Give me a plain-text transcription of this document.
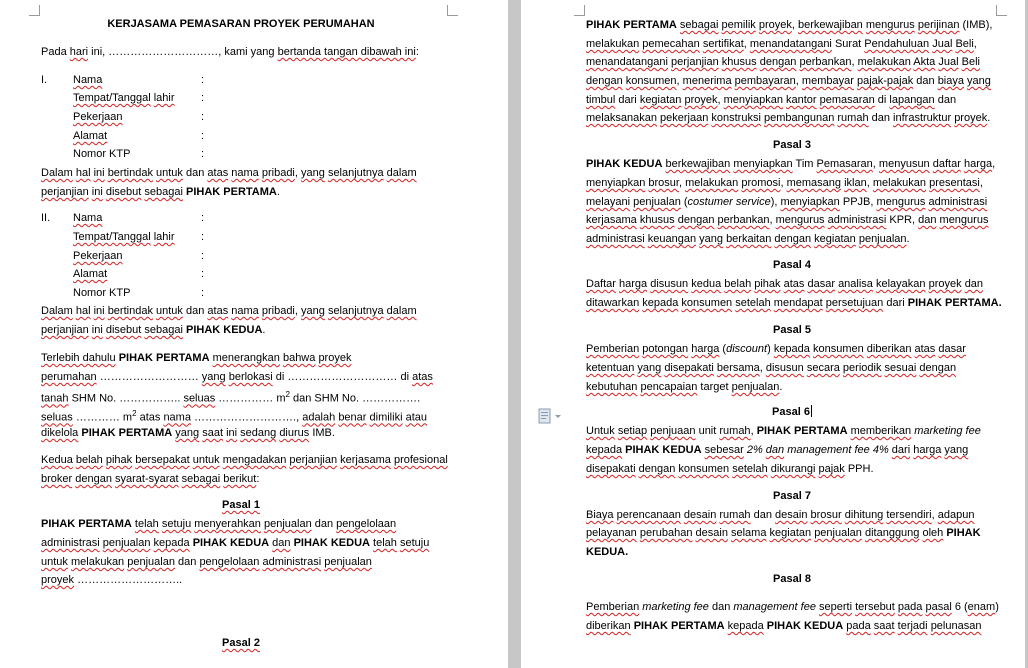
KERJASAMA PEMASARAN PROYEK PERUMAHAN
Pada hari ini, …………………………, kami yang bertanda tangan dibawah ini:
I. Nama
Tempat/Tanggal lahir
Pekerjaan
Alamat
Nomor KTP
:
:
:
:
:
Dalam hal ini bertindak untuk dan atas nama pribadi, yang selanjutnya dalam
perjanjian ini disebut sebagai PIHAK PERTAMA.
II. Nama
Tempat/Tanggal lahir
Pekerjaan
Alamat
Nomor KTP
:
:
:
:
:
Dalam hal ini bertindak untuk dan atas nama pribadi, yang selanjutnya dalam
perjanjian ini disebut sebagai PIHAK KEDUA.
Terlebih dahulu PIHAK PERTAMA menerangkan bahwa proyek
perumahan ……………………… yang berlokasi di ………………………… di atas
tanah SHM No. …………….. seluas …………… $m^2$ dan SHM No. …………….
seluas ………… $m^2$ atas nama ………………………., adalah benar dimiliki atau
dikelola PIHAK PERTAMA yang saat ini sedang diurus IMB.
Kedua belah pihak bersepakat untuk mengadakan perjanjian kerjasama profesional
broker dengan syarat-syarat sebagai berikut:
Pasal 1
PIHAK PERTAMA telah setuju menyerahkan penjualan dan pengelolaan
administrasi penjualan kepada PIHAK KEDUA dan PIHAK KEDUA telah setuju
untuk melakukan penjualan dan pengelolaan administrasi penjualan
proyek ………………………..
Pasal 2
PIHAK PERTAMA sebagai pemilik proyek, berkewajiban mengurus perijinan (IMB),
melakukan pemecahan sertifikat, menandatangani Surat Pendahuluan Jual Beli,
menandatangani perjanjian khusus dengan perbankan, melakukan Akta Jual Beli
dengan konsumen, menerima pembayaran, membayar pajak-pajak dan biaya yang
timbul dari kegiatan proyek, menyiapkan kantor pemasaran di lapangan dan
melaksanakan pekerjaan konstruksi pembangunan rumah dan infrastruktur proyek.
Pasal 3
PIHAK KEDUA berkewajiban menyiapkan Tim Pemasaran, menyusun daftar harga,
menyiapkan brosur, melakukan promosi, memasang iklan, melakukan presentasi,
melayani penjualan (costumer service), menyiapkan PPJB, mengurus administrasi
kerjasama khusus dengan perbankan, mengurus administrasi KPR, dan mengurus
administrasi keuangan yang berkaitan dengan kegiatan penjualan.
Pasal 4
Daftar harga disusun kedua belah pihak atas dasar analisa kelayakan proyek dan
ditawarkan kepada konsumen setelah mendapat persetujuan dari PIHAK PERTAMA.
Pasal 5
Pemberian potongan harga (discount) kepada konsumen diberikan atas dasar
ketentuan yang disepakati bersama, disusun secara periodik sesuai dengan
kebutuhan pencapaian target penjualan.
Pasal 6
Untuk setiap penjuaan unit rumah, PIHAK PERTAMA memberikan marketing fee
kepada PIHAK KEDUA sebesar 2% dan management fee 4% dari harga yang
disepakati dengan konsumen setelah dikurangi pajak PPH.
Pasal 7
Biaya perencanaan desain rumah dan desain brosur dihitung tersendiri, adapun
pelayanan perubahan desain selama kegiatan penjualan ditanggung oleh PIHAK
KEDUA.
Pasal 8
Pemberian marketing fee dan management fee seperti tersebut pada pasal 6 (enam)
diberikan PIHAK PERTAMA kepada PIHAK KEDUA pada saat terjadi pelunasan
